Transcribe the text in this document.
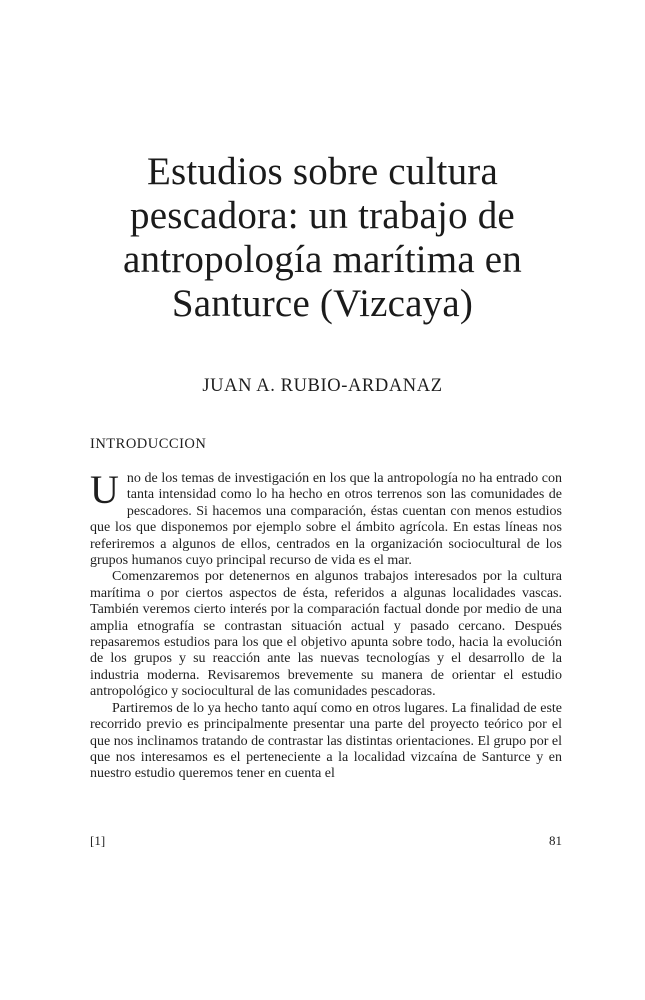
Estudios sobre cultura pescadora: un trabajo de antropología marítima en Santurce (Vizcaya)

JUAN A. RUBIO-ARDANAZ

INTRODUCCION

Uno de los temas de investigación en los que la antropología no ha entrado con tanta intensidad como lo ha hecho en otros terrenos son las comunidades de pescadores. Si hacemos una comparación, éstas cuentan con menos estudios que los que disponemos por ejemplo sobre el ámbito agrícola. En estas líneas nos referiremos a algunos de ellos, centrados en la organización sociocultural de los grupos humanos cuyo principal recurso de vida es el mar.

Comenzaremos por detenernos en algunos trabajos interesados por la cultura marítima o por ciertos aspectos de ésta, referidos a algunas localidades vascas. También veremos cierto interés por la comparación factual donde por medio de una amplia etnografía se contrastan situación actual y pasado cercano. Después repasaremos estudios para los que el objetivo apunta sobre todo, hacia la evolución de los grupos y su reacción ante las nuevas tecnologías y el desarrollo de la industria moderna. Revisaremos brevemente su manera de orientar el estudio antropológico y sociocultural de las comunidades pescadoras.

Partiremos de lo ya hecho tanto aquí como en otros lugares. La finalidad de este recorrido previo es principalmente presentar una parte del proyecto teórico por el que nos inclinamos tratando de contrastar las distintas orientaciones. El grupo por el que nos interesamos es el perteneciente a la localidad vizcaína de Santurce y en nuestro estudio queremos tener en cuenta el

[1]	81
